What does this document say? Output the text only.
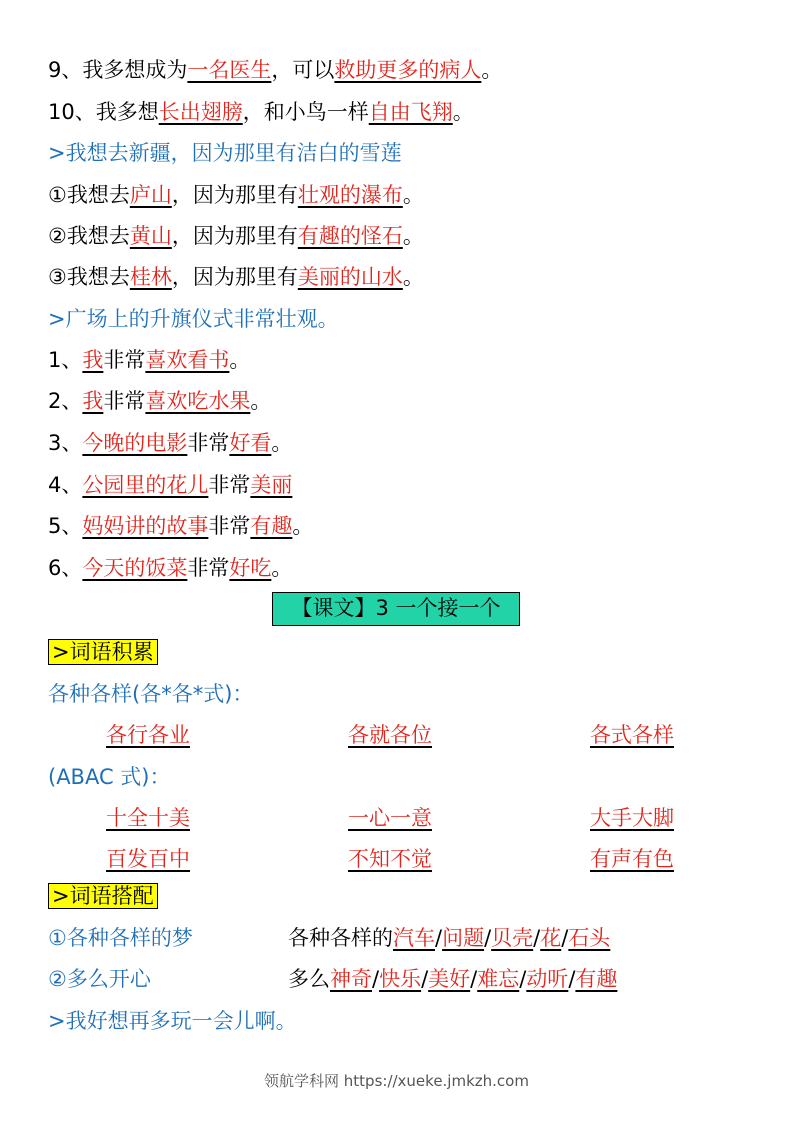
9、我多想成为一名医生，可以救助更多的病人。
10、我多想长出翅膀，和小鸟一样自由飞翔。
>我想去新疆，因为那里有洁白的雪莲
①我想去庐山，因为那里有壮观的瀑布。
②我想去黄山，因为那里有有趣的怪石。
③我想去桂林，因为那里有美丽的山水。
>广场上的升旗仪式非常壮观。
1、我非常喜欢看书。
2、我非常喜欢吃水果。
3、今晚的电影非常好看。
4、公园里的花儿非常美丽
5、妈妈讲的故事非常有趣。
6、今天的饭菜非常好吃。
【课文】3 一个接一个
>词语积累
各种各样(各*各*式)：
各行各业	各就各位	各式各样
(ABAC 式)：
十全十美	一心一意	大手大脚
百发百中	不知不觉	有声有色
>词语搭配
①各种各样的梦	各种各样的汽车/问题/贝壳/花/石头
②多么开心	多么神奇/快乐/美好/难忘/动听/有趣
>我好想再多玩一会儿啊。
领航学科网 https://xueke.jmkzh.com
